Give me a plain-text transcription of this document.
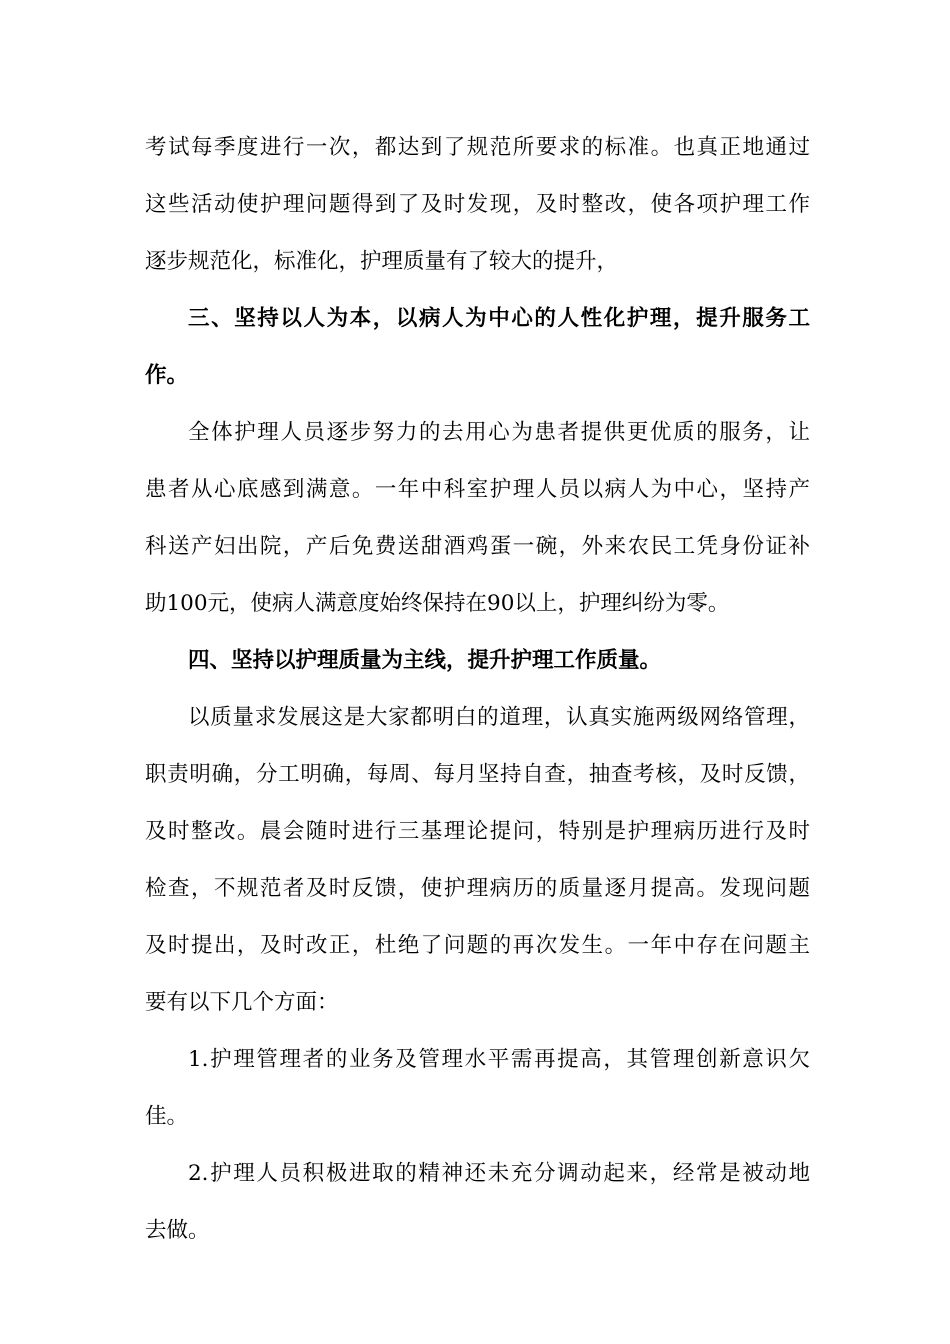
考试每季度进行一次，都达到了规范所要求的标准。也真正地通过
这些活动使护理问题得到了及时发现，及时整改，使各项护理工作
逐步规范化，标准化，护理质量有了较大的提升，
三、坚持以人为本，以病人为中心的人性化护理，提升服务工
作。
全体护理人员逐步努力的去用心为患者提供更优质的服务，让
患者从心底感到满意。一年中科室护理人员以病人为中心，坚持产
科送产妇出院，产后免费送甜酒鸡蛋一碗，外来农民工凭身份证补
助100元，使病人满意度始终保持在90以上，护理纠纷为零。
四、坚持以护理质量为主线，提升护理工作质量。
以质量求发展这是大家都明白的道理，认真实施两级网络管理，
职责明确，分工明确，每周、每月坚持自查，抽查考核，及时反馈，
及时整改。晨会随时进行三基理论提问，特别是护理病历进行及时
检查，不规范者及时反馈，使护理病历的质量逐月提高。发现问题
及时提出，及时改正，杜绝了问题的再次发生。一年中存在问题主
要有以下几个方面：
1.护理管理者的业务及管理水平需再提高，其管理创新意识欠
佳。
2.护理人员积极进取的精神还未充分调动起来，经常是被动地
去做。
